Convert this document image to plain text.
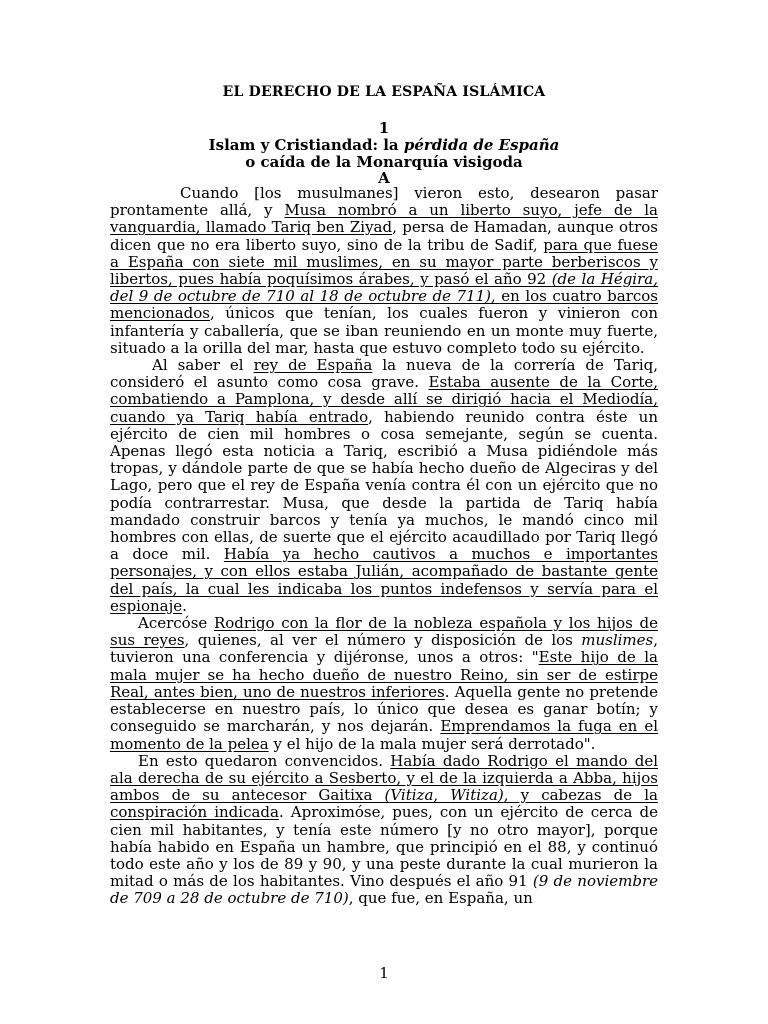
EL DERECHO DE LA ESPAÑA ISLÁMICA
1
Islam y Cristiandad: la pérdida de España
o caída de la Monarquía visigoda
A

Cuando [los musulmanes] vieron esto, desearon pasar prontamente allá, y Musa nombró a un liberto suyo, jefe de la vanguardia, llamado Tariq ben Ziyad, persa de Hamadan, aunque otros dicen que no era liberto suyo, sino de la tribu de Sadif, para que fuese a España con siete mil muslimes, en su mayor parte berberiscos y libertos, pues había poquísimos árabes, y pasó el año 92 (de la Hégira, del 9 de octubre de 710 al 18 de octubre de 711), en los cuatro barcos mencionados, únicos que tenían, los cuales fueron y vinieron con infantería y caballería, que se iban reuniendo en un monte muy fuerte, situado a la orilla del mar, hasta que estuvo completo todo su ejército.

Al saber el rey de España la nueva de la correría de Tariq, consideró el asunto como cosa grave. Estaba ausente de la Corte, combatiendo a Pamplona, y desde allí se dirigió hacia el Mediodía, cuando ya Tariq había entrado, habiendo reunido contra éste un ejército de cien mil hombres o cosa semejante, según se cuenta. Apenas llegó esta noticia a Tariq, escribió a Musa pidiéndole más tropas, y dándole parte de que se había hecho dueño de Algeciras y del Lago, pero que el rey de España venía contra él con un ejército que no podía contrarrestar. Musa, que desde la partida de Tariq había mandado construir barcos y tenía ya muchos, le mandó cinco mil hombres con ellas, de suerte que el ejército acaudillado por Tariq llegó a doce mil. Había ya hecho cautivos a muchos e importantes personajes, y con ellos estaba Julián, acompañado de bastante gente del país, la cual les indicaba los puntos indefensos y servía para el espionaje.

Acercóse Rodrigo con la flor de la nobleza española y los hijos de sus reyes, quienes, al ver el número y disposición de los muslimes, tuvieron una conferencia y dijéronse, unos a otros: "Este hijo de la mala mujer se ha hecho dueño de nuestro Reino, sin ser de estirpe Real, antes bien, uno de nuestros inferiores. Aquella gente no pretende establecerse en nuestro país, lo único que desea es ganar botín; y conseguido se marcharán, y nos dejarán. Emprendamos la fuga en el momento de la pelea y el hijo de la mala mujer será derrotado".

En esto quedaron convencidos. Había dado Rodrigo el mando del ala derecha de su ejército a Sesberto, y el de la izquierda a Abba, hijos ambos de su antecesor Gaitixa (Vitiza, Witiza), y cabezas de la conspiración indicada. Aproximóse, pues, con un ejército de cerca de cien mil habitantes, y tenía este número [y no otro mayor], porque había habido en España un hambre, que principió en el 88, y continuó todo este año y los de 89 y 90, y una peste durante la cual murieron la mitad o más de los habitantes. Vino después el año 91 (9 de noviembre de 709 a 28 de octubre de 710), que fue, en España, un

1
